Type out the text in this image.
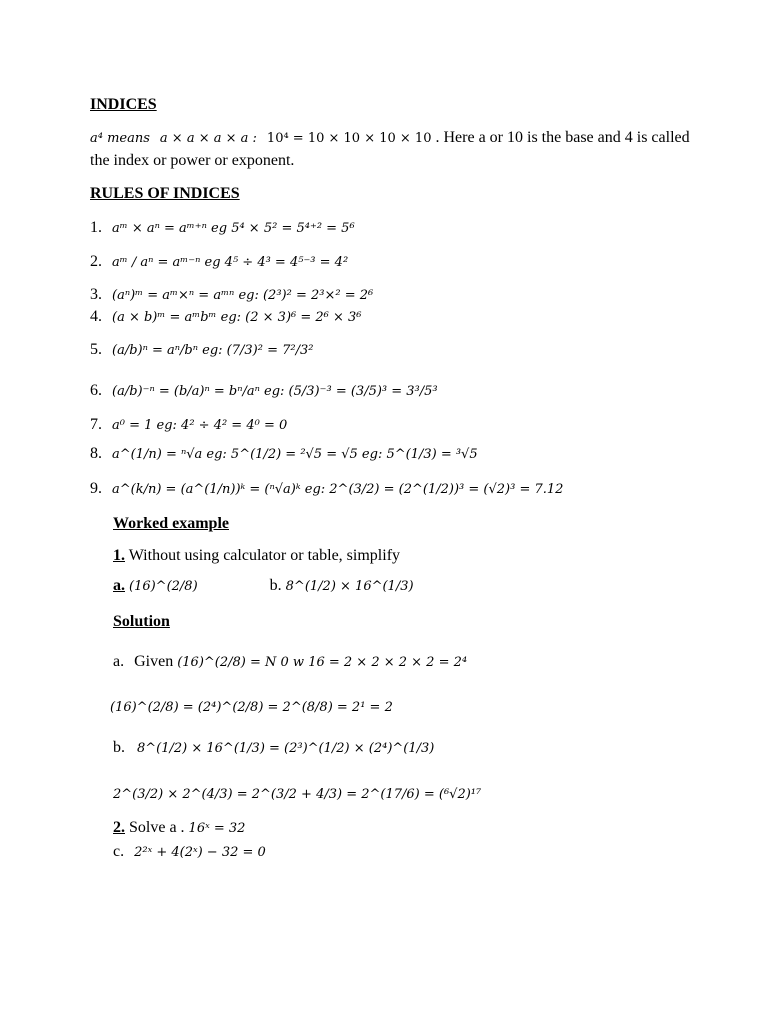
INDICES
a⁴ means a × a × a × a : 10⁴ = 10 × 10 × 10 × 10 . Here a or 10 is the base and 4 is called
the index or power or exponent.
RULES OF INDICES
1. aᵐ × aⁿ = aᵐ⁺ⁿ eg 5⁴ × 5² = 5⁴⁺² = 5⁶
2. aᵐ / aⁿ = aᵐ⁻ⁿ eg 4⁵ ÷ 4³ = 4⁵⁻³ = 4²
3. (aⁿ)ᵐ = aᵐ×ⁿ = aᵐⁿ eg: (2³)² = 2³×² = 2⁶
4. (a × b)ᵐ = aᵐbᵐ eg: (2 × 3)⁶ = 2⁶ × 3⁶
5. (a/b)ⁿ = aⁿ/bⁿ eg: (7/3)² = 7²/3²
6. (a/b)⁻ⁿ = (b/a)ⁿ = bⁿ/aⁿ eg: (5/3)⁻³ = (3/5)³ = 3³/5³
7. a⁰ = 1 eg: 4² ÷ 4² = 4⁰ = 0
8. a^(1/n) = ⁿ√a eg: 5^(1/2) = ²√5 = √5 eg: 5^(1/3) = ³√5
9. a^(k/n) = (a^(1/n))ᵏ = (ⁿ√a)ᵏ eg: 2^(3/2) = (2^(1/2))³ = (√2)³ = 7.12
Worked example
1. Without using calculator or table, simplify
a. (16)^(2/8)	b. 8^(1/2) × 16^(1/3)
Solution
a. Given (16)^(2/8) = N 0 w 16 = 2 × 2 × 2 × 2 = 2⁴
(16)^(2/8) = (2⁴)^(2/8) = 2^(8/8) = 2¹ = 2
b. 8^(1/2) × 16^(1/3) = (2³)^(1/2) × (2⁴)^(1/3)
2^(3/2) × 2^(4/3) = 2^(3/2 + 4/3) = 2^(17/6) = (⁶√2)¹⁷
2. Solve a . 16ˣ = 32
c. 2²ˣ + 4(2ˣ) − 32 = 0
